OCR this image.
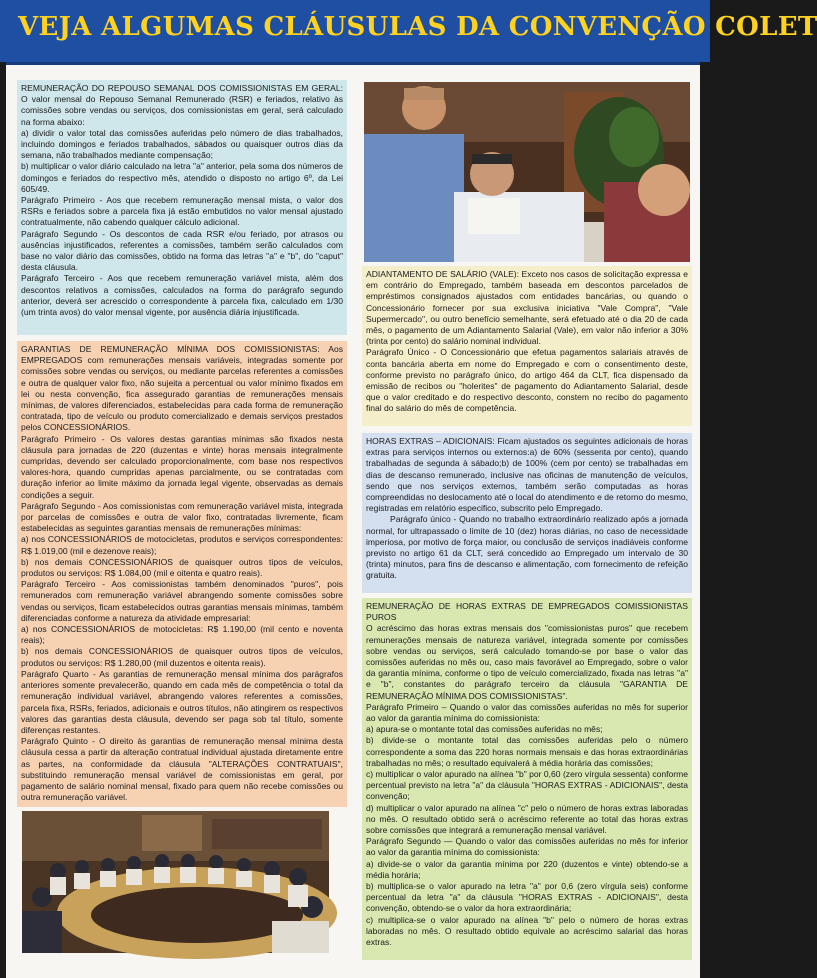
VEJA ALGUMAS CLÁUSULAS DA CONVENÇÃO COLET

REMUNERAÇÃO DO REPOUSO SEMANAL DOS COMISSIONISTAS EM GERAL: O valor mensal do Repouso Semanal Remunerado (RSR) e feriados, relativo às comissões sobre vendas ou serviços, dos comissionistas em geral, será calculado na forma abaixo:

a) dividir o valor total das comissões auferidas pelo número de dias trabalhados, incluindo domingos e feriados trabalhados, sábados ou quaisquer outros dias da semana, não trabalhados mediante compensação;

b) multiplicar o valor diário calculado na letra "a" anterior, pela soma dos números de domingos e feriados do respectivo mês, atendido o disposto no artigo 6º, da Lei 605/49.

Parágrafo Primeiro - Aos que recebem remuneração mensal mista, o valor dos RSRs e feriados sobre a parcela fixa já estão embutidos no valor mensal ajustado contratualmente, não cabendo qualquer cálculo adicional.

Parágrafo Segundo - Os descontos de cada RSR e/ou feriado, por atrasos ou ausências injustificados, referentes a comissões, também serão calculados com base no valor diário das comissões, obtido na forma das letras "a" e "b", do "caput" desta cláusula.

Parágrafo Terceiro - Aos que recebem remuneração variável mista, além dos descontos relativos a comissões, calculados na forma do parágrafo segundo anterior, deverá ser acrescido o correspondente à parcela fixa, calculado em 1/30 (um trinta avos) do valor mensal vigente, por ausência diária injustificada.

GARANTIAS DE REMUNERAÇÃO MÍNIMA DOS COMISSIONISTAS: Aos EMPREGADOS com remunerações mensais variáveis, integradas somente por comissões sobre vendas ou serviços, ou mediante parcelas referentes a comissões e outra de qualquer valor fixo, não sujeita a percentual ou valor mínimo fixados em lei ou nesta convenção, fica assegurado garantias de remunerações mensais mínimas, de valores diferenciados, estabelecidas para cada forma de remuneração contratada, tipo de veículo ou produto comercializado e demais serviços prestados pelos CONCESSIONÁRIOS.

Parágrafo Primeiro - Os valores destas garantias mínimas são fixados nesta cláusula para jornadas de 220 (duzentas e vinte) horas mensais integralmente cumpridas, devendo ser calculado proporcionalmente, com base nos respectivos valores-hora, quando cumpridas apenas parcialmente, ou se contratadas com duração inferior ao limite máximo da jornada legal vigente, observadas as demais condições a seguir.

Parágrafo Segundo - Aos comissionistas com remuneração variável mista, integrada por parcelas de comissões e outra de valor fixo, contratadas livremente, ficam estabelecidas as seguintes garantias mensais de remunerações mínimas:

a) nos CONCESSIONÁRIOS de motocicletas, produtos e serviços correspondentes: R$ 1.019,00 (mil e dezenove reais);

b) nos demais CONCESSIONÁRIOS de quaisquer outros tipos de veículos, produtos ou serviços: R$ 1.084,00 (mil e oitenta e quatro reais).

Parágrafo Terceiro - Aos comissionistas também denominados "puros", pois remunerados com remuneração variável abrangendo somente comissões sobre vendas ou serviços, ficam estabelecidos outras garantias mensais mínimas, também diferenciadas conforme a natureza da atividade empresarial:

a) nos CONCESSIONÁRIOS de motocicletas: R$ 1.190,00 (mil cento e noventa reais);

b) nos demais CONCESSIONÁRIOS de quaisquer outros tipos de veículos, produtos ou serviços: R$ 1.280,00 (mil duzentos e oitenta reais).

Parágrafo Quarto - As garantias de remuneração mensal mínima dos parágrafos anteriores somente prevalecerão, quando em cada mês de competência o total da remuneração individual variável, abrangendo valores referentes a comissões, parcela fixa, RSRs, feriados, adicionais e outros títulos, não atingirem os respectivos valores das garantias desta cláusula, devendo ser paga sob tal título, somente diferenças restantes.

Parágrafo Quinto - O direito às garantias de remuneração mensal mínima desta cláusula cessa a partir da alteração contratual individual ajustada diretamente entre as partes, na conformidade da cláusula "ALTERAÇÕES CONTRATUAIS", substituindo remuneração mensal variável de comissionistas em geral, por pagamento de salário nominal mensal, fixado para quem não recebe comissões ou outra remuneração variável.

ADIANTAMENTO DE SALÁRIO (VALE): Exceto nos casos de solicitação expressa e em contrário do Empregado, também baseada em descontos parcelados de empréstimos consignados ajustados com entidades bancárias, ou quando o Concessionário fornecer por sua exclusiva iniciativa "Vale Compra", "Vale Supermercado", ou outro benefício semelhante, será efetuado até o dia 20 de cada mês, o pagamento de um Adiantamento Salarial (Vale), em valor não inferior a 30% (trinta por cento) do salário nominal individual.

Parágrafo Único - O Concessionário que efetua pagamentos salariais através de conta bancária aberta em nome do Empregado e com o consentimento deste, conforme previsto no parágrafo único, do artigo 464 da CLT, fica dispensado da emissão de recibos ou "holerites" de pagamento do Adiantamento Salarial, desde que o valor creditado e do respectivo desconto, constem no recibo do pagamento final do salário do mês de competência.

HORAS EXTRAS – ADICIONAIS: Ficam ajustados os seguintes adicionais de horas extras para serviços internos ou externos:a) de 60% (sessenta por cento), quando trabalhadas de segunda à sábado;b) de 100% (cem por cento) se trabalhadas em dias de descanso remunerado, inclusive nas oficinas de manutenção de veículos, sendo que nos serviços externos, também serão computadas as horas compreendidas no deslocamento até o local do atendimento e de retorno do mesmo, registradas em relatório especifico, subscrito pelo Empregado.

Parágrafo único - Quando no trabalho extraordinário realizado após a jornada normal, for ultrapassado o limite de 10 (dez) horas diárias, no caso de necessidade imperiosa, por motivo de força maior, ou conclusão de serviços inadiáveis conforme previsto no artigo 61 da CLT, será concedido ao Empregado um intervalo de 30 (trinta) minutos, para fins de descanso e alimentação, com fornecimento de refeição gratuita.

REMUNERAÇÃO DE HORAS EXTRAS DE EMPREGADOS COMISSIONISTAS PUROS

O acréscimo das horas extras mensais dos "comissionistas puros" que recebem remunerações mensais de natureza variável, integrada somente por comissões sobre vendas ou serviços, será calculado tomando-se por base o valor das comissões auferidas no mês ou, caso mais favorável ao Empregado, sobre o valor da garantia mínima, conforme o tipo de veículo comercializado, fixada nas letras "a" e "b", constantes do parágrafo terceiro da cláusula "GARANTIA DE REMUNERAÇÃO MÍNIMA DOS COMISSIONISTAS".

Parágrafo Primeiro – Quando o valor das comissões auferidas no mês for superior ao valor da garantia mínima do comissionista:

a) apura-se o montante total das comissões auferidas no mês;

b) divide-se o montante total das comissões auferidas pelo o número correspondente a soma das 220 horas normais mensais e das horas extraordinárias trabalhadas no mês; o resultado equivalerá à média horária das comissões;

c) multiplicar o valor apurado na alínea "b" por 0,60 (zero vírgula sessenta) conforme percentual previsto na letra "a" da cláusula "HORAS EXTRAS - ADICIONAIS", desta convenção;

d) multiplicar o valor apurado na alínea "c" pelo o número de horas extras laboradas no mês. O resultado obtido será o acréscimo referente ao total das horas extras sobre comissões que integrará a remuneração mensal variável.

Parágrafo Segundo — Quando o valor das comissões auferidas no mês for inferior ao valor da garantia mínima do comissionista:

a) divide-se o valor da garantia mínima por 220 (duzentos e vinte) obtendo-se a média horária;

b) multiplica-se o valor apurado na letra "a" por 0,6 (zero vírgula seis) conforme percentual da letra "a" da cláusula "HORAS EXTRAS - ADICIONAIS", desta convenção, obtendo-se o valor da hora extraordinária;

c) multiplica-se o valor apurado na alínea "b" pelo o número de horas extras laboradas no mês. O resultado obtido equivale ao acréscimo salarial das horas extras.
